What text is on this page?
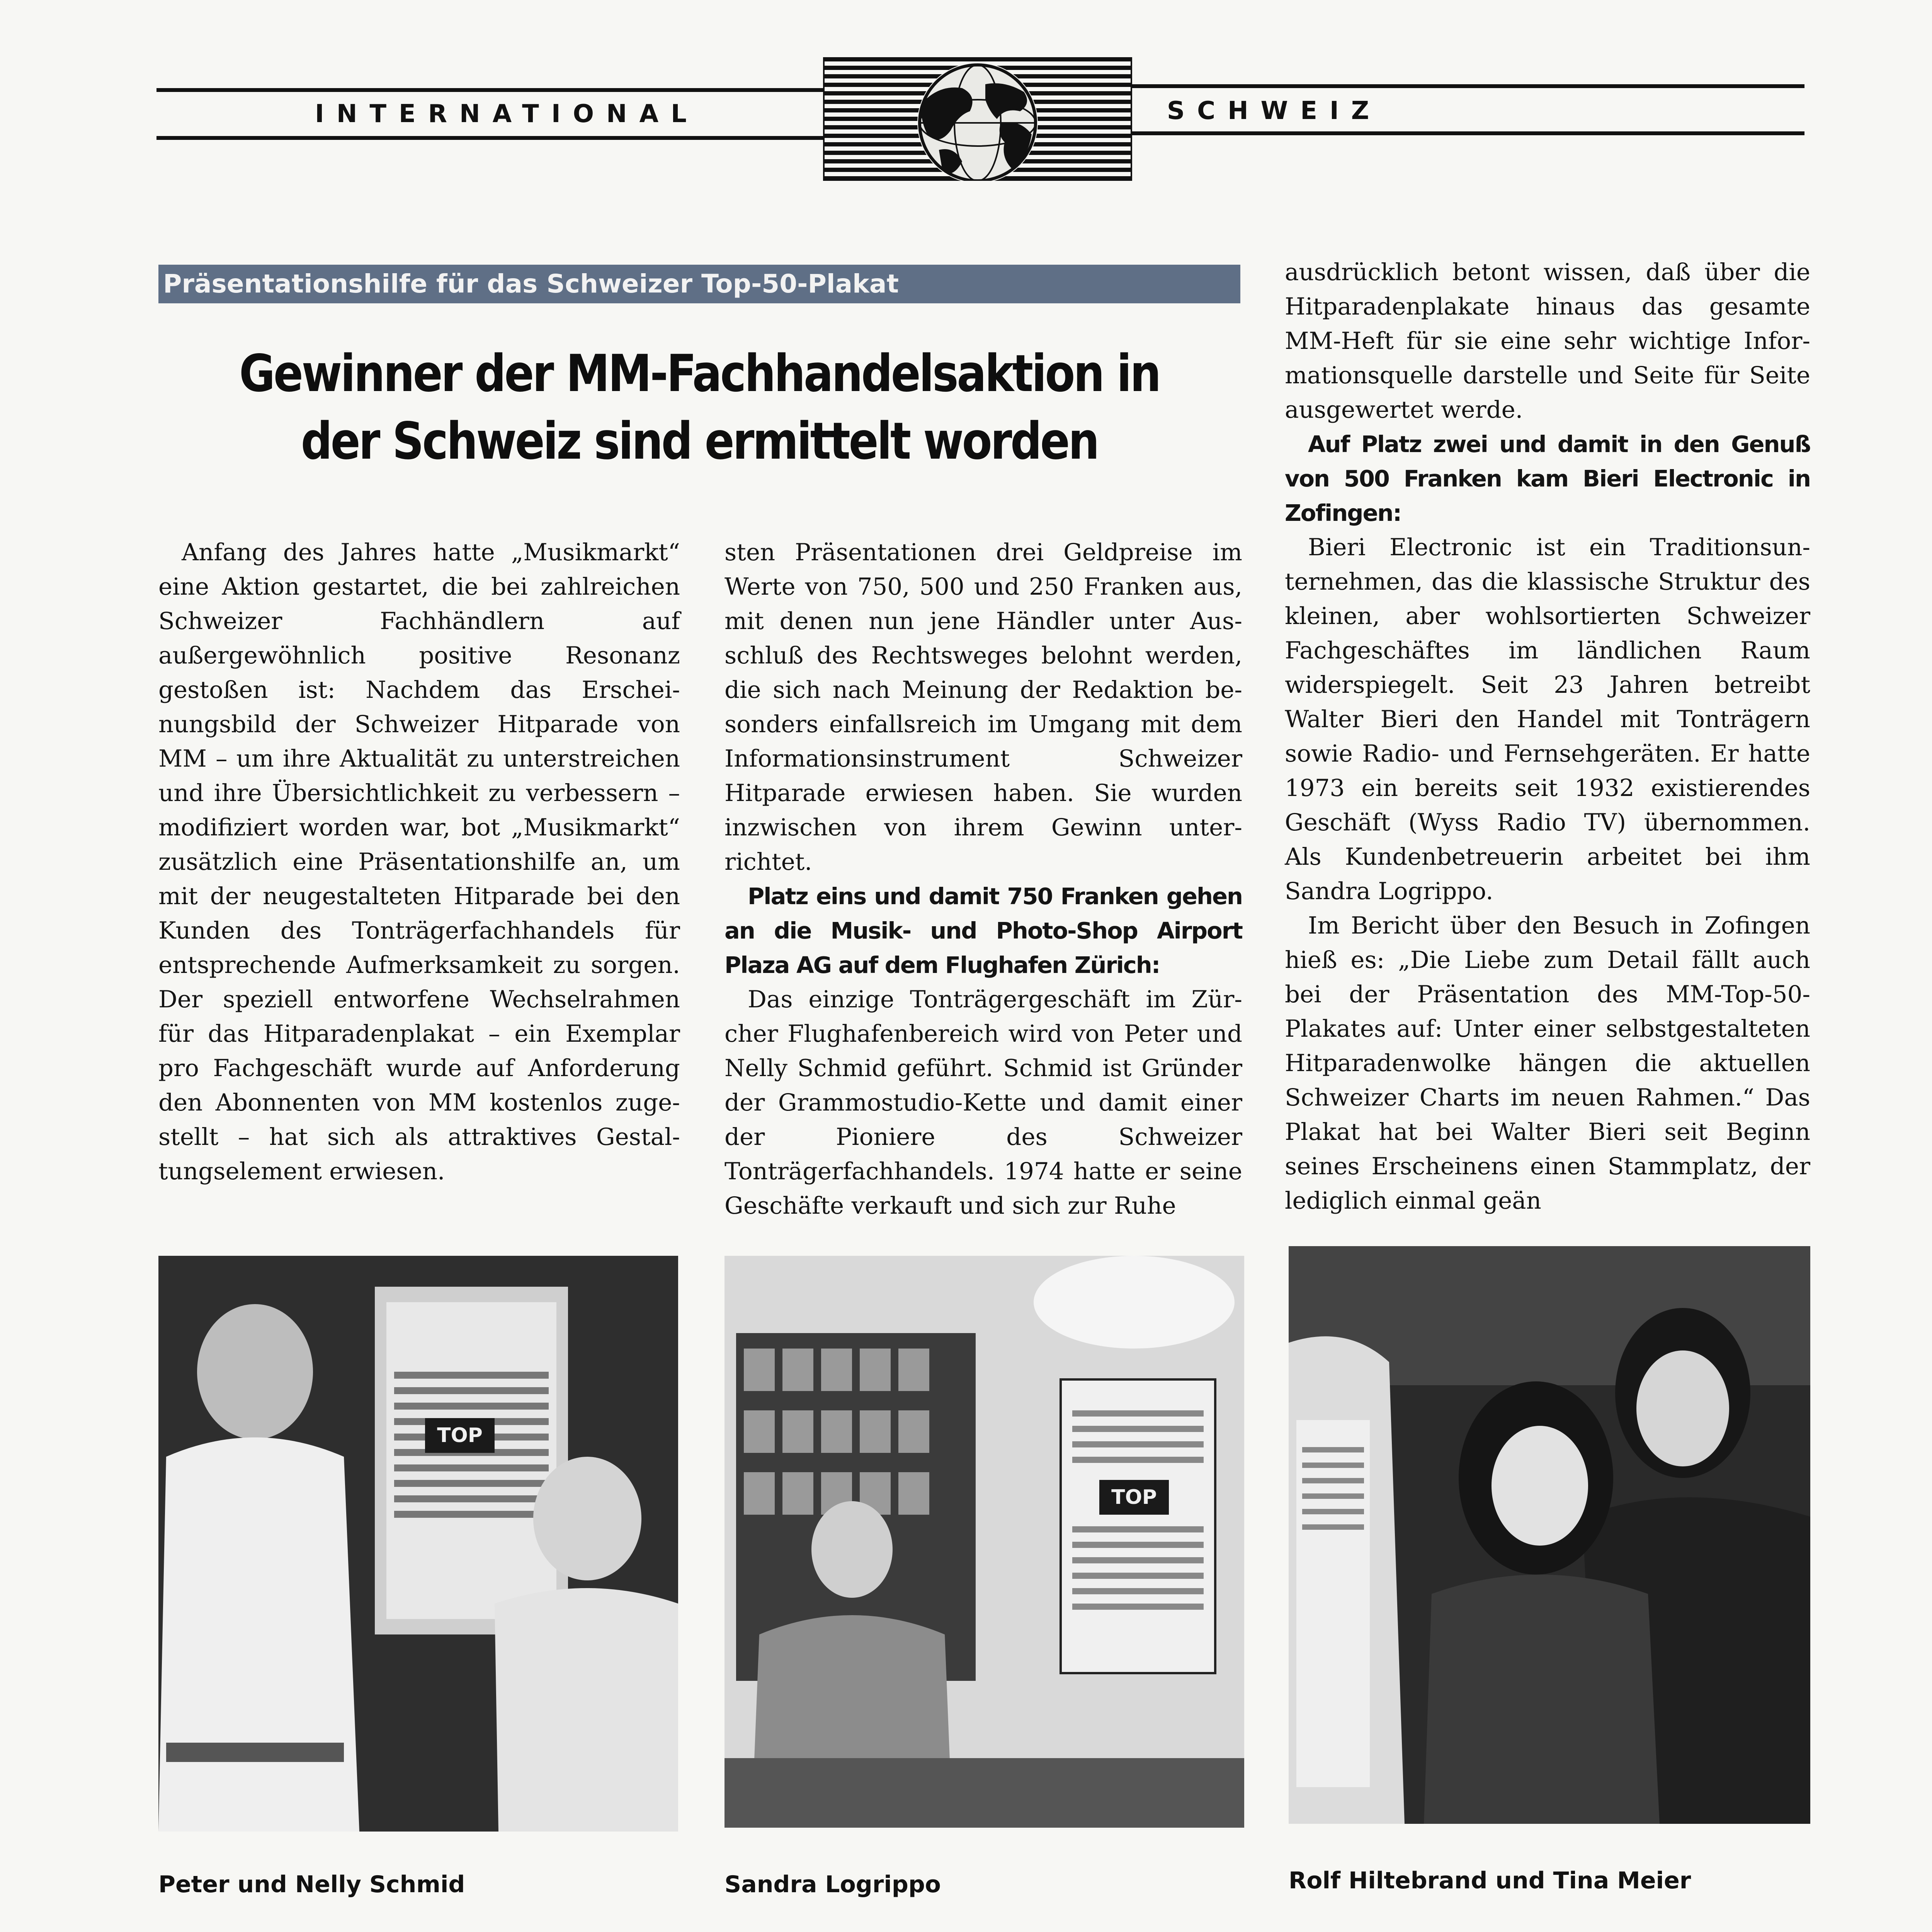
INTERNATIONAL	SCHWEIZ
Präsentationshilfe für das Schweizer Top-50-Plakat
Gewinner der MM-Fachhandelsaktion in
der Schweiz sind ermittelt worden

Anfang des Jahres hatte „Musikmarkt“ eine Aktion gestartet, die bei zahlreichen Schweizer Fachhändlern auf außergewöhnlich positive Resonanz gestoßen ist: Nachdem das Erscheinungsbild der Schweizer Hitparade von MM – um ihre Aktualität zu unterstreichen und ihre Übersichtlichkeit zu verbessern – modifiziert worden war, bot „Musikmarkt“ zusätzlich eine Präsentationshilfe an, um mit der neugestalteten Hitparade bei den Kunden des Tonträgerfachhandels für entsprechende Aufmerksamkeit zu sorgen. Der speziell entworfene Wechselrahmen für das Hitparadenplakat – ein Exemplar pro Fachgeschäft wurde auf Anforderung den Abonnenten von MM kostenlos zugestellt – hat sich als attraktives Gestaltungselement erwiesen.

sten Präsentationen drei Geldpreise im Werte von 750, 500 und 250 Franken aus, mit denen nun jene Händler unter Ausschluß des Rechtsweges belohnt werden, die sich nach Meinung der Redaktion besonders einfallsreich im Umgang mit dem Informationsinstrument Schweizer Hitparade erwiesen haben. Sie wurden inzwischen von ihrem Gewinn unterrichtet.

Platz eins und damit 750 Franken gehen an die Musik- und Photo-Shop Airport Plaza AG auf dem Flughafen Zürich:

Das einzige Tonträgergeschäft im Zürcher Flughafenbereich wird von Peter und Nelly Schmid geführt. Schmid ist Gründer der Grammostudio-Kette und damit einer der Pioniere des Schweizer Tonträgerfachhandels. 1974 hatte er seine Geschäfte verkauft und sich zur Ruhe

ausdrücklich betont wissen, daß über die Hitparadenplakate hinaus das gesamte MM-Heft für sie eine sehr wichtige Informationsquelle darstelle und Seite für Seite ausgewertet werde.

Auf Platz zwei und damit in den Genuß von 500 Franken kam Bieri Electronic in Zofingen:

Bieri Electronic ist ein Traditionsunternehmen, das die klassische Struktur des kleinen, aber wohlsortierten Schweizer Fachgeschäftes im ländlichen Raum widerspiegelt. Seit 23 Jahren betreibt Walter Bieri den Handel mit Tonträgern sowie Radio- und Fernsehgeräten. Er hatte 1973 ein bereits seit 1932 existierendes Geschäft (Wyss Radio TV) übernommen. Als Kundenbetreuerin arbeitet bei ihm Sandra Logrippo.

Im Bericht über den Besuch in Zofingen hieß es: „Die Liebe zum Detail fällt auch bei der Präsentation des MM-Top-50-Plakates auf: Unter einer selbstgestalteten Hitparadenwolke hängen die aktuellen Schweizer Charts im neuen Rahmen.“ Das Plakat hat bei Walter Bieri seit Beginn seines Erscheinens einen Stammplatz, der lediglich einmal geän

TOP
Peter und Nelly Schmid
TOP
Sandra Logrippo	Rolf Hiltebrand und Tina Meier
